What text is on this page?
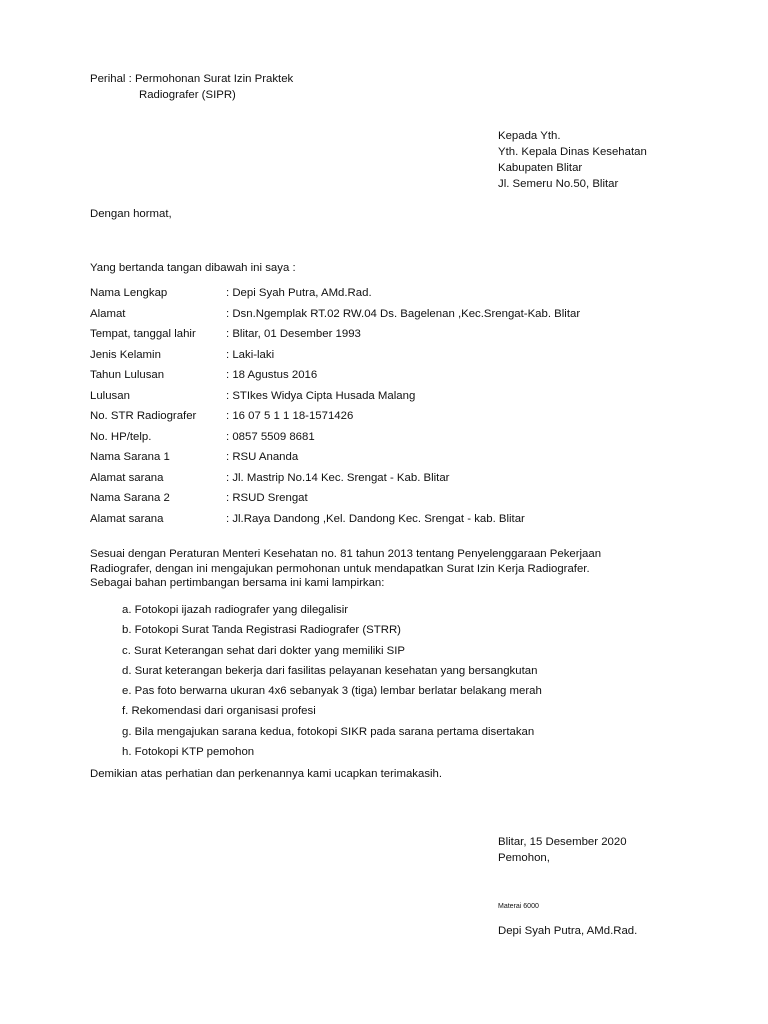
Perihal : Permohonan Surat Izin Praktek
Radiografer (SIPR)
Kepada Yth.
Yth. Kepala Dinas Kesehatan
Kabupaten Blitar
Jl. Semeru No.50, Blitar
Dengan hormat,
Yang bertanda tangan dibawah ini saya :
Nama Lengkap	: Depi Syah Putra, AMd.Rad.
Alamat	: Dsn.Ngemplak RT.02 RW.04 Ds. Bagelenan ,Kec.Srengat-Kab. Blitar
Tempat, tanggal lahir	: Blitar, 01 Desember 1993
Jenis Kelamin	: Laki-laki
Tahun Lulusan	: 18 Agustus 2016
Lulusan	: STIkes Widya Cipta Husada Malang
No. STR Radiografer	: 16 07 5 1 1 18-1571426
No. HP/telp.	: 0857 5509 8681
Nama Sarana 1	: RSU Ananda
Alamat sarana	: Jl. Mastrip No.14 Kec. Srengat - Kab. Blitar
Nama Sarana 2	: RSUD Srengat
Alamat sarana	: Jl.Raya Dandong ,Kel. Dandong Kec. Srengat - kab. Blitar
Sesuai dengan Peraturan Menteri Kesehatan no. 81 tahun 2013 tentang Penyelenggaraan Pekerjaan
Radiografer, dengan ini mengajukan permohonan untuk mendapatkan Surat Izin Kerja Radiografer.
Sebagai bahan pertimbangan bersama ini kami lampirkan:
a. Fotokopi ijazah radiografer yang dilegalisir
b. Fotokopi Surat Tanda Registrasi Radiografer (STRR)
c. Surat Keterangan sehat dari dokter yang memiliki SIP
d. Surat keterangan bekerja dari fasilitas pelayanan kesehatan yang bersangkutan
e. Pas foto berwarna ukuran 4x6 sebanyak 3 (tiga) lembar berlatar belakang merah
f. Rekomendasi dari organisasi profesi
g. Bila mengajukan sarana kedua, fotokopi SIKR pada sarana pertama disertakan
h. Fotokopi KTP pemohon
Demikian atas perhatian dan perkenannya kami ucapkan terimakasih.
Blitar, 15 Desember 2020
Pemohon,
Materai 6000
Depi Syah Putra, AMd.Rad.
